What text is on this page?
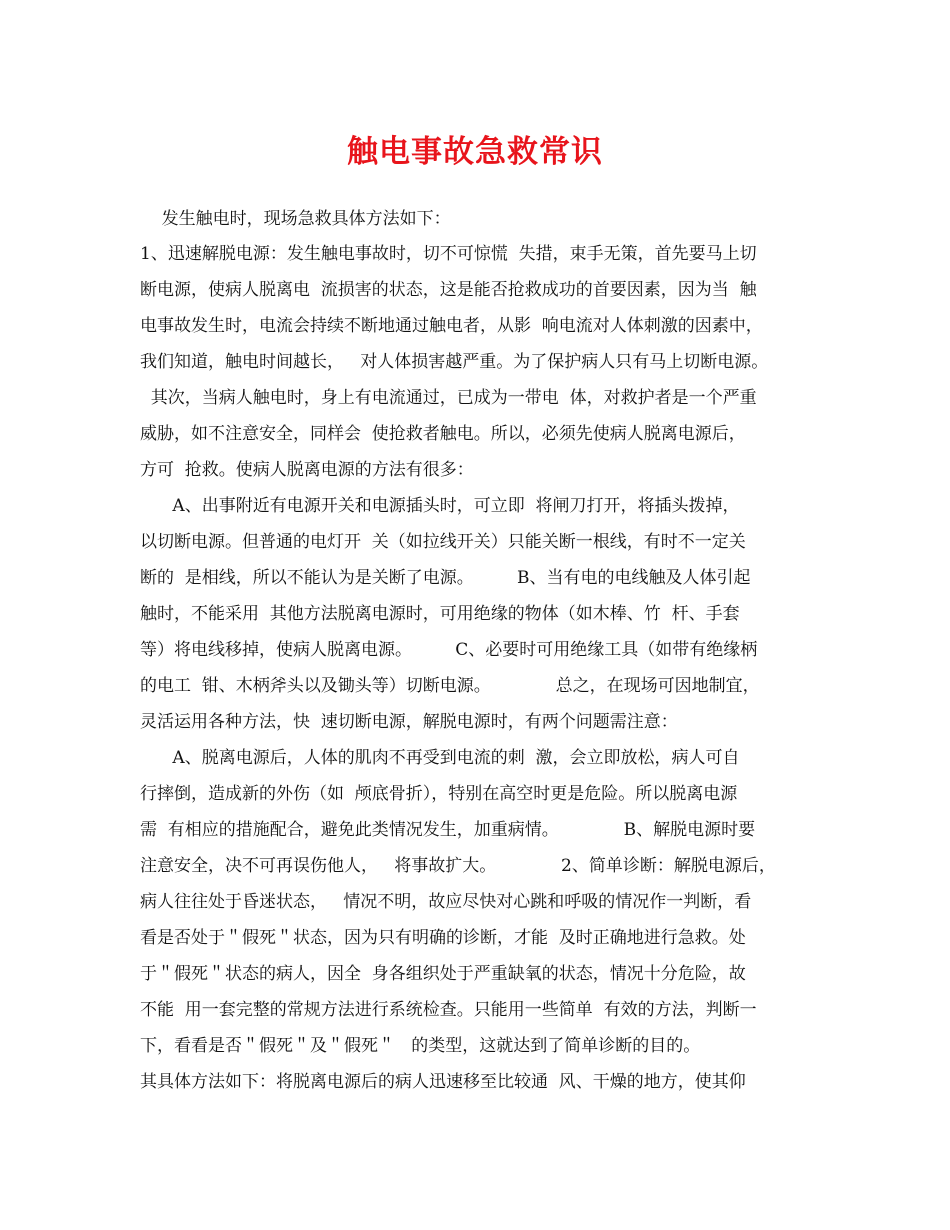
触电事故急救常识

发生触电时，现场急救具体方法如下：

1、迅速解脱电源：发生触电事故时，切不可惊慌  失措，束手无策，首先要马上切

断电源，使病人脱离电  流损害的状态，这是能否抢救成功的首要因素，因为当  触

电事故发生时，电流会持续不断地通过触电者，从影  响电流对人体刺激的因素中，

我们知道，触电时间越长，   对人体损害越严重。为了保护病人只有马上切断电源。

其次，当病人触电时，身上有电流通过，已成为一带电  体，对救护者是一个严重

威胁，如不注意安全，同样会  使抢救者触电。所以，必须先使病人脱离电源后，

方可  抢救。使病人脱离电源的方法有很多：

A、出事附近有电源开关和电源插头时，可立即  将闸刀打开，将插头拨掉，

以切断电源。但普通的电灯开  关（如拉线开关）只能关断一根线，有时不一定关

断的  是相线，所以不能认为是关断了电源。        B、当有电的电线触及人体引起

触时，不能采用  其他方法脱离电源时，可用绝缘的物体（如木棒、竹  杆、手套

等）将电线移掉，使病人脱离电源。        C、必要时可用绝缘工具（如带有绝缘柄

的电工  钳、木柄斧头以及锄头等）切断电源。            总之，在现场可因地制宜，

灵活运用各种方法，快  速切断电源，解脱电源时，有两个问题需注意：

A、脱离电源后，人体的肌肉不再受到电流的刺  激，会立即放松，病人可自

行摔倒，造成新的外伤（如  颅底骨折），特别在高空时更是危险。所以脱离电源

需  有相应的措施配合，避免此类情况发生，加重病情。            B、解脱电源时要

注意安全，决不可再误伤他人，   将事故扩大。            2、简单诊断：解脱电源后，

病人往往处于昏迷状态，   情况不明，故应尽快对心跳和呼吸的情况作一判断，看

看是否处于＂假死＂状态，因为只有明确的诊断，才能  及时正确地进行急救。处

于＂假死＂状态的病人，因全  身各组织处于严重缺氧的状态，情况十分危险，故

不能  用一套完整的常规方法进行系统检查。只能用一些简单  有效的方法，判断一

下，看看是否＂假死＂及＂假死＂   的类型，这就达到了简单诊断的目的。

其具体方法如下：将脱离电源后的病人迅速移至比较通  风、干燥的地方，使其仰
